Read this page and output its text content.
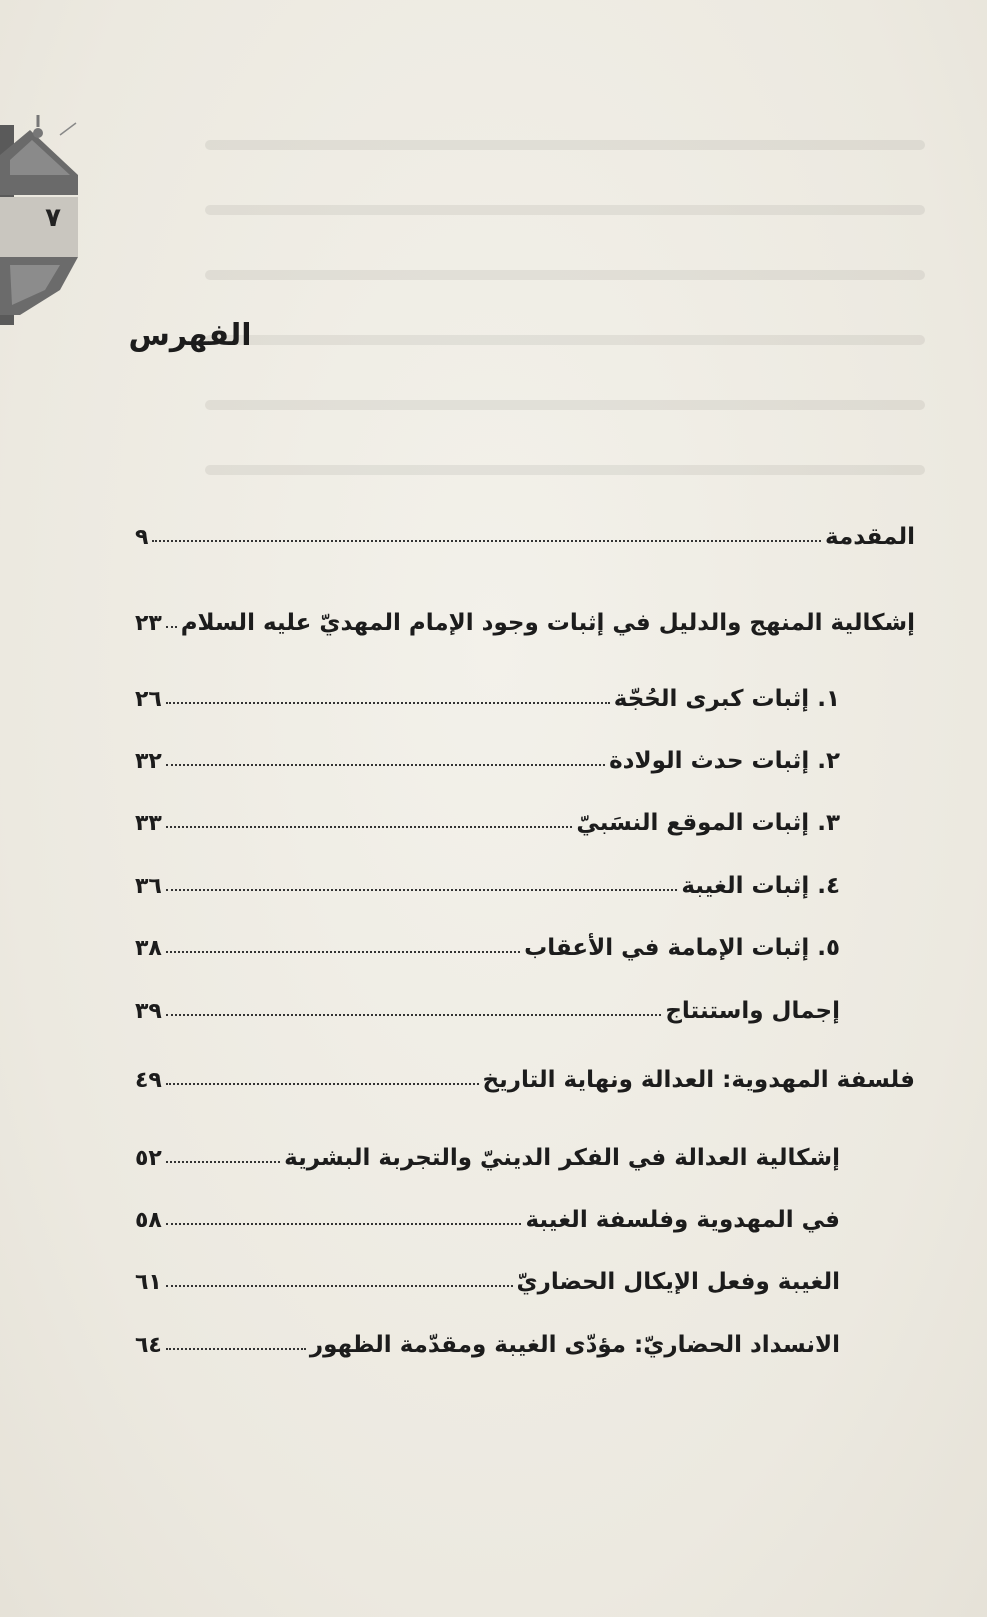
٧
الفهرس
المقدمة
٩
إشكالية المنهج والدليل في إثبات وجود الإمام المهديّ عليه السلام
٢٣
١. إثبات كبرى الحُجّة
٢٦
٢. إثبات حدث الولادة
٣٢
٣. إثبات الموقع النسَبيّ
٣٣
٤. إثبات الغيبة
٣٦
٥. إثبات الإمامة في الأعقاب
٣٨
إجمال واستنتاج
٣٩
فلسفة المهدوية: العدالة ونهاية التاريخ
٤٩
إشكالية العدالة في الفكر الدينيّ والتجربة البشرية
٥٢
في المهدوية وفلسفة الغيبة
٥٨
الغيبة وفعل الإيكال الحضاريّ
٦١
الانسداد الحضاريّ: مؤدّى الغيبة ومقدّمة الظهور
٦٤
